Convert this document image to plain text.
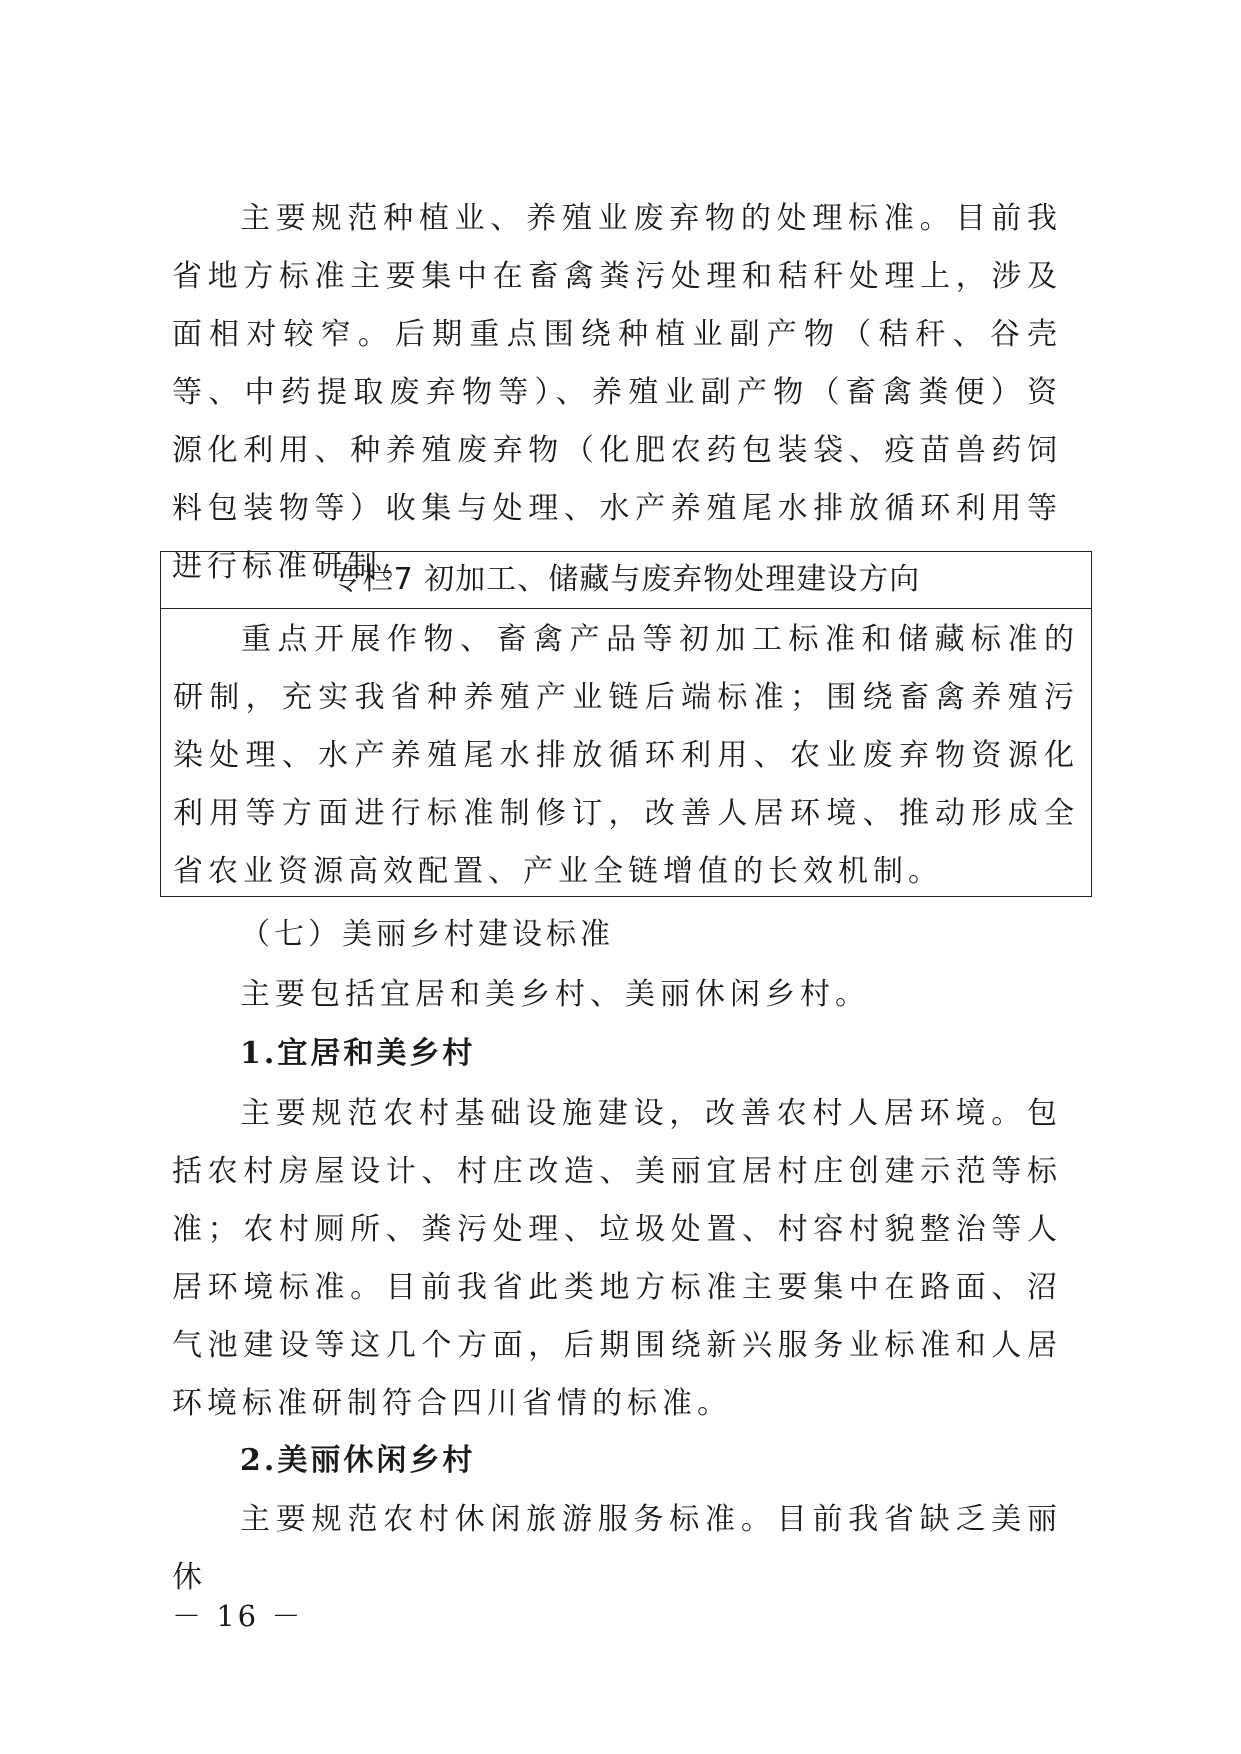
主要规范种植业、养殖业废弃物的处理标准。目前我省地方标准主要集中在畜禽粪污处理和秸秆处理上，涉及面相对较窄。后期重点围绕种植业副产物（秸秆、谷壳等、中药提取废弃物等）、养殖业副产物（畜禽粪便）资源化利用、种养殖废弃物（化肥农药包装袋、疫苗兽药饲料包装物等）收集与处理、水产养殖尾水排放循环利用等进行标准研制。

专栏7 初加工、储藏与废弃物处理建设方向

重点开展作物、畜禽产品等初加工标准和储藏标准的研制，充实我省种养殖产业链后端标准；围绕畜禽养殖污染处理、水产养殖尾水排放循环利用、农业废弃物资源化利用等方面进行标准制修订，改善人居环境、推动形成全省农业资源高效配置、产业全链增值的长效机制。

（七）美丽乡村建设标准

主要包括宜居和美乡村、美丽休闲乡村。

1.宜居和美乡村

主要规范农村基础设施建设，改善农村人居环境。包括农村房屋设计、村庄改造、美丽宜居村庄创建示范等标准；农村厕所、粪污处理、垃圾处置、村容村貌整治等人居环境标准。目前我省此类地方标准主要集中在路面、沼气池建设等这几个方面，后期围绕新兴服务业标准和人居环境标准研制符合四川省情的标准。

2.美丽休闲乡村

主要规范农村休闲旅游服务标准。目前我省缺乏美丽休

－ 16 －
